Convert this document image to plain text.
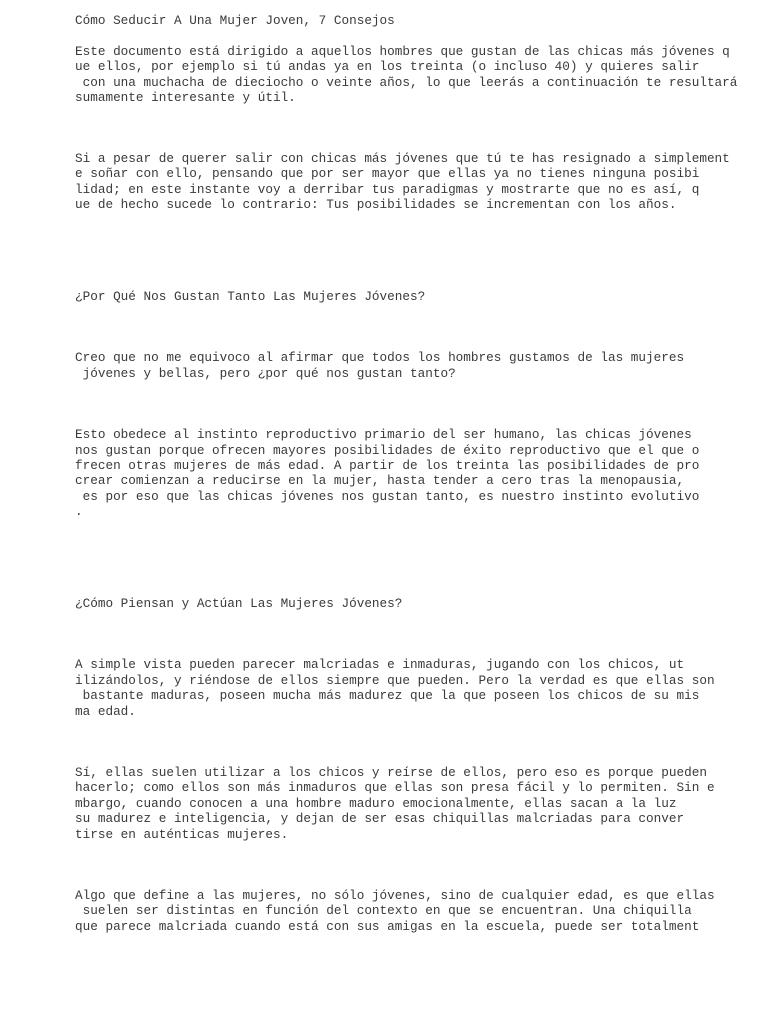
Cómo Seducir A Una Mujer Joven, 7 Consejos

Este documento está dirigido a aquellos hombres que gustan de las chicas más jóvenes q

ue ellos, por ejemplo si tú andas ya en los treinta (o incluso 40) y quieres salir

con una muchacha de dieciocho o veinte años, lo que leerás a continuación te resultará

sumamente interesante y útil.

Si a pesar de querer salir con chicas más jóvenes que tú te has resignado a simplement

e soñar con ello, pensando que por ser mayor que ellas ya no tienes ninguna posibi

lidad; en este instante voy a derribar tus paradigmas y mostrarte que no es así, q

ue de hecho sucede lo contrario: Tus posibilidades se incrementan con los años.

¿Por Qué Nos Gustan Tanto Las Mujeres Jóvenes?

Creo que no me equivoco al afirmar que todos los hombres gustamos de las mujeres

jóvenes y bellas, pero ¿por qué nos gustan tanto?

Esto obedece al instinto reproductivo primario del ser humano, las chicas jóvenes

nos gustan porque ofrecen mayores posibilidades de éxito reproductivo que el que o

frecen otras mujeres de más edad. A partir de los treinta las posibilidades de pro

crear comienzan a reducirse en la mujer, hasta tender a cero tras la menopausia,

es por eso que las chicas jóvenes nos gustan tanto, es nuestro instinto evolutivo

.

¿Cómo Piensan y Actúan Las Mujeres Jóvenes?

A simple vista pueden parecer malcriadas e inmaduras, jugando con los chicos, ut

ilizándolos, y riéndose de ellos siempre que pueden. Pero la verdad es que ellas son

bastante maduras, poseen mucha más madurez que la que poseen los chicos de su mis

ma edad.

Sí, ellas suelen utilizar a los chicos y reírse de ellos, pero eso es porque pueden

hacerlo; como ellos son más inmaduros que ellas son presa fácil y lo permiten. Sin e

mbargo, cuando conocen a una hombre maduro emocionalmente, ellas sacan a la luz

su madurez e inteligencia, y dejan de ser esas chiquillas malcriadas para conver

tirse en auténticas mujeres.

Algo que define a las mujeres, no sólo jóvenes, sino de cualquier edad, es que ellas

suelen ser distintas en función del contexto en que se encuentran. Una chiquilla

que parece malcriada cuando está con sus amigas en la escuela, puede ser totalment
